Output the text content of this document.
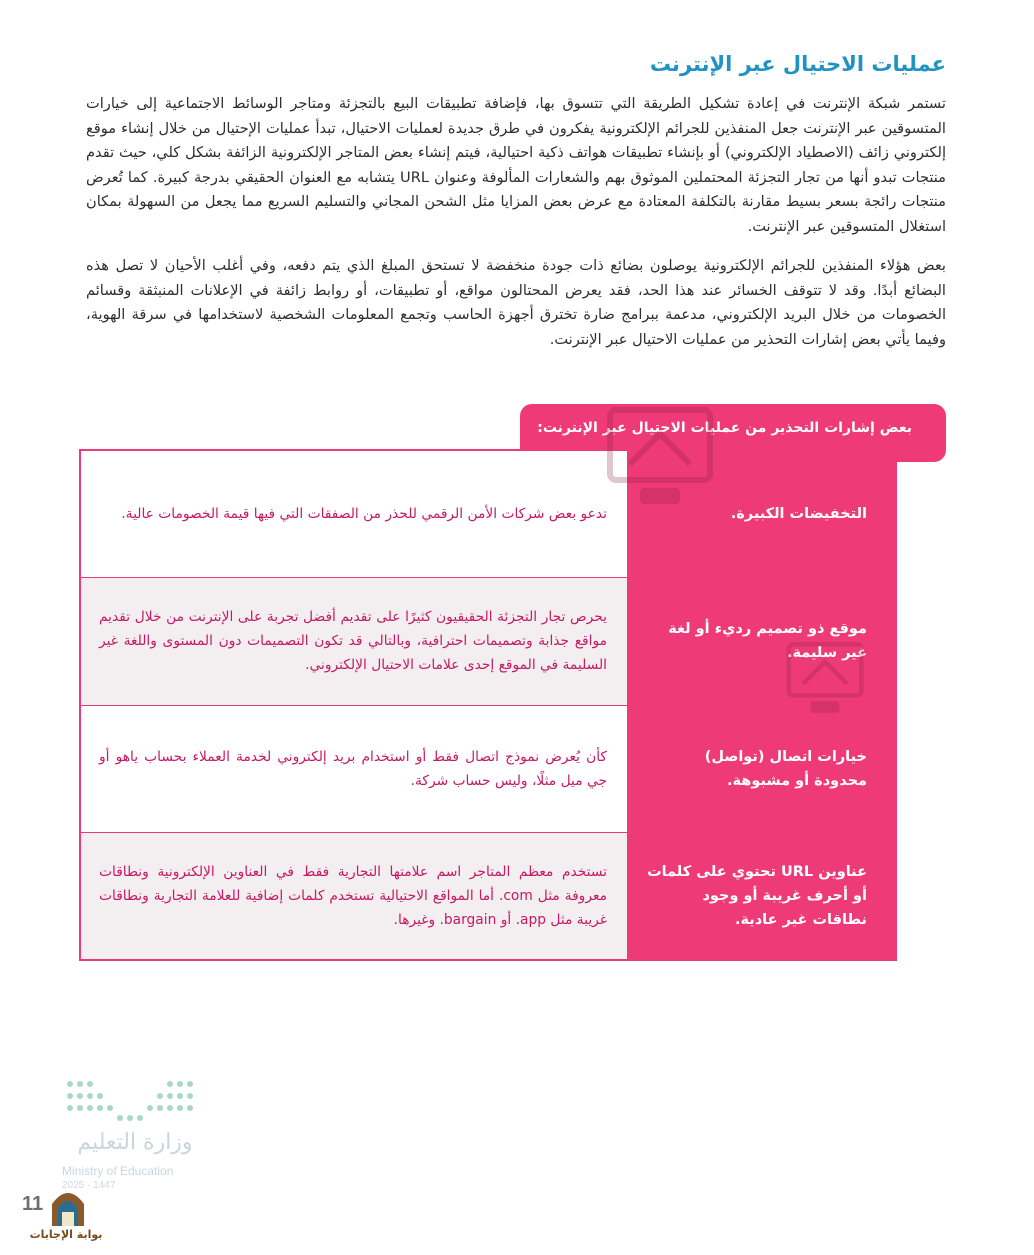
عمليات الاحتيال عبر الإنترنت

تستمر شبكة الإنترنت في إعادة تشكيل الطريقة التي تتسوق بها، فإضافة تطبيقات البيع بالتجزئة ومتاجر الوسائط الاجتماعية إلى خيارات المتسوقين عبر الإنترنت جعل المنفذين للجرائم الإلكترونية يفكرون في طرق جديدة لعمليات الاحتيال، تبدأ عمليات الإحتيال من خلال إنشاء موقع إلكتروني زائف (الاصطياد الإلكتروني) أو بإنشاء تطبيقات هواتف ذكية احتيالية، فيتم إنشاء بعض المتاجر الإلكترونية الزائفة بشكل كلي، حيث تقدم منتجات تبدو أنها من تجار التجزئة المحتملين الموثوق بهم والشعارات المألوفة وعنوان URL يتشابه مع العنوان الحقيقي بدرجة كبيرة. كما تُعرض منتجات رائجة بسعر بسيط مقارنة بالتكلفة المعتادة مع عرض بعض المزايا مثل الشحن المجاني والتسليم السريع مما يجعل من السهولة بمكان استغلال المتسوقين عبر الإنترنت.

بعض هؤلاء المنفذين للجرائم الإلكترونية يوصلون بضائع ذات جودة منخفضة لا تستحق المبلغ الذي يتم دفعه، وفي أغلب الأحيان لا تصل هذه البضائع أبدًا. وقد لا تتوقف الخسائر عند هذا الحد، فقد يعرض المحتالون مواقع، أو تطبيقات، أو روابط زائفة في الإعلانات المنبثقة وقسائم الخصومات من خلال البريد الإلكتروني، مدعمة ببرامج ضارة تخترق أجهزة الحاسب وتجمع المعلومات الشخصية لاستخدامها في سرقة الهوية، وفيما يأتي بعض إشارات التحذير من عمليات الاحتيال عبر الإنترنت.

بعض إشارات التحذير من عمليات الاحتيال عبر الإنترنت:
التخفيضات الكبيرة.
تدعو بعض شركات الأمن الرقمي للحذر من الصفقات التي فيها قيمة الخصومات عالية.
موقع ذو تصميم رديء أو لغة غير سليمة.
يحرص تجار التجزئة الحقيقيون كثيرًا على تقديم أفضل تجربة على الإنترنت من خلال تقديم مواقع جذابة وتصميمات احترافية، وبالتالي قد تكون التصميمات دون المستوى واللغة غير السليمة في الموقع إحدى علامات الاحتيال الإلكتروني.
خيارات اتصال (تواصل) محدودة أو مشبوهة.
كأن يُعرض نموذج اتصال فقط أو استخدام بريد إلكتروني لخدمة العملاء بحساب ياهو أو جي ميل مثلًا، وليس حساب شركة.
عناوين URL تحتوي على كلمات أو أحرف غريبة أو وجود نطاقات غير عادية.
تستخدم معظم المتاجر اسم علامتها التجارية فقط في العناوين الإلكترونية ونطاقات معروفة مثل com. أما المواقع الاحتيالية تستخدم كلمات إضافية للعلامة التجارية ونطاقات غريبة مثل app. أو bargain. وغيرها.
وزارة التعليم
Ministry of Education
2025 - 1447
11
بوابة الإجابات
